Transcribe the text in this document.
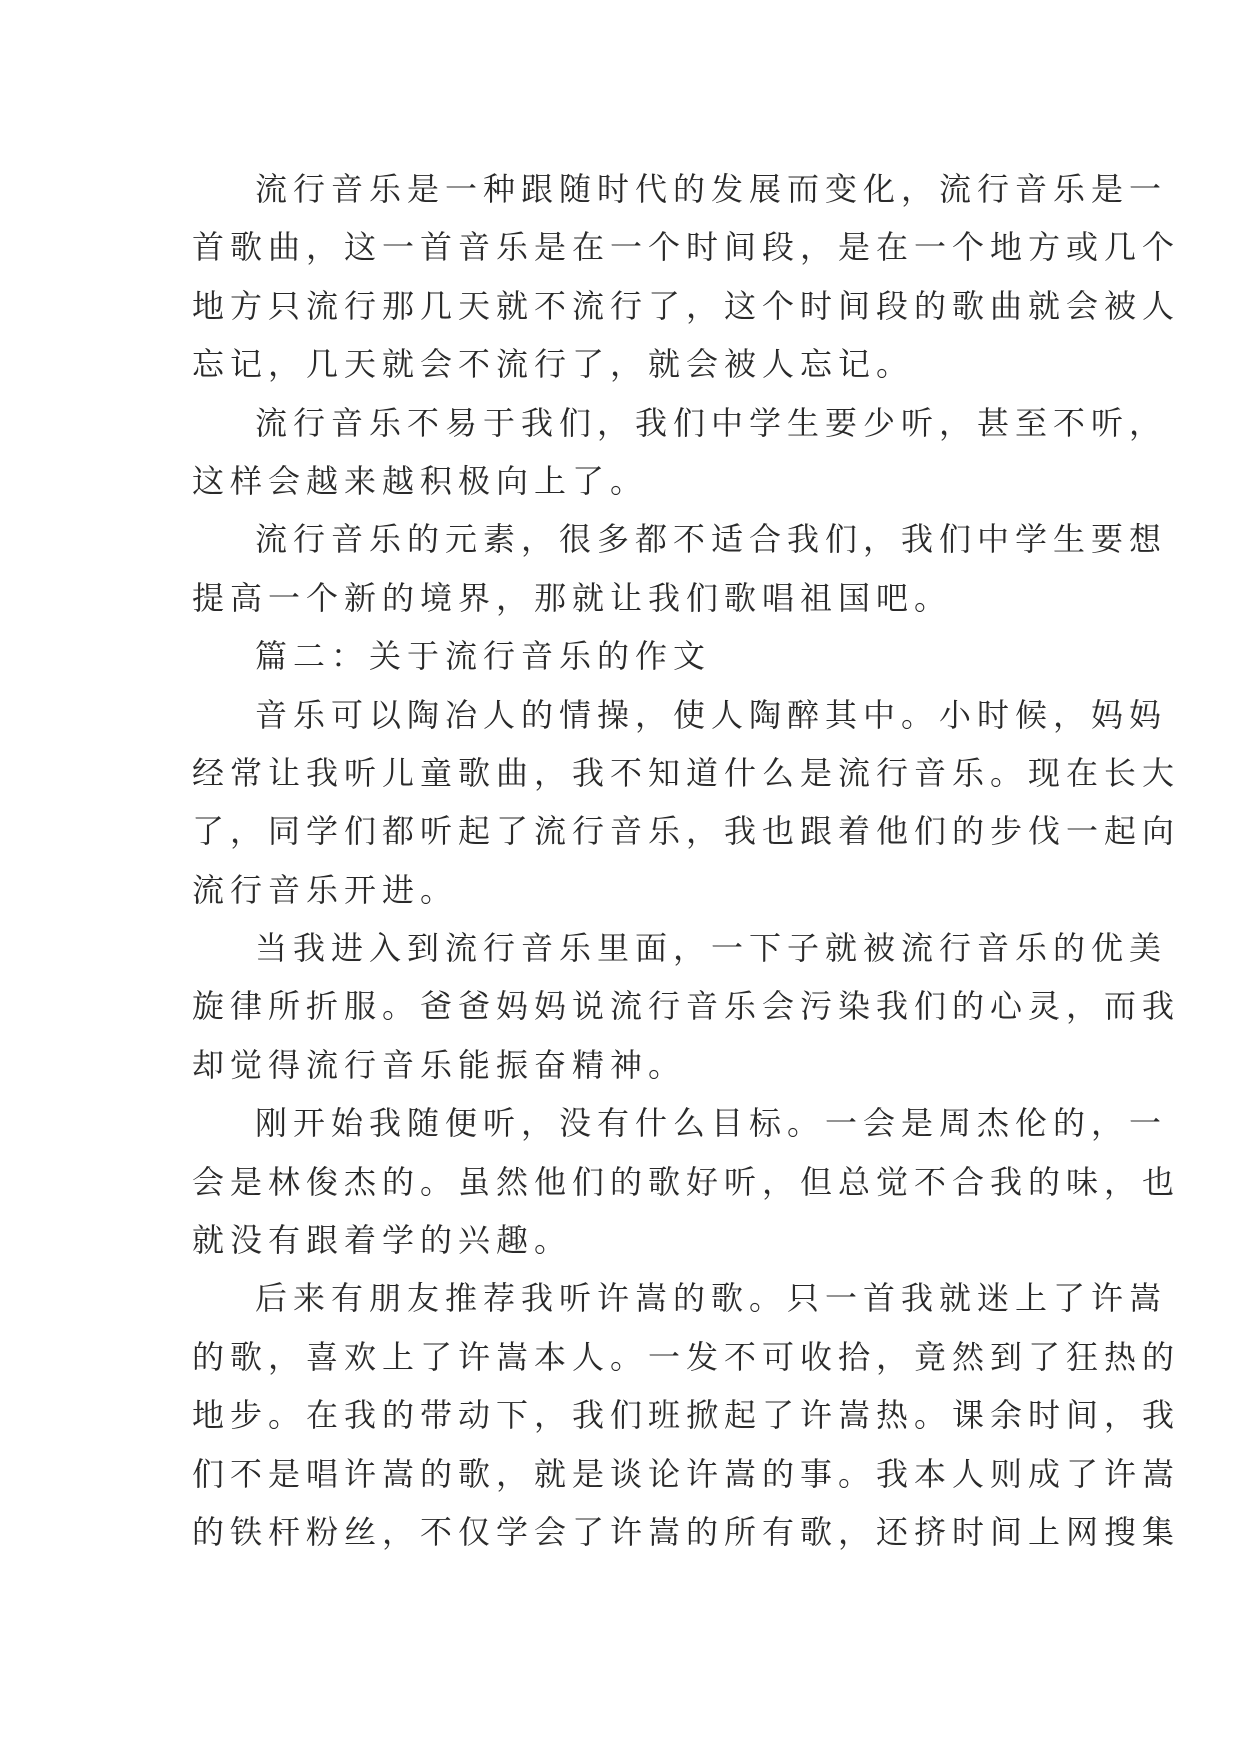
流行音乐是一种跟随时代的发展而变化，流行音乐是一
首歌曲，这一首音乐是在一个时间段，是在一个地方或几个
地方只流行那几天就不流行了，这个时间段的歌曲就会被人
忘记，几天就会不流行了，就会被人忘记。
流行音乐不易于我们，我们中学生要少听，甚至不听，
这样会越来越积极向上了。
流行音乐的元素，很多都不适合我们，我们中学生要想
提高一个新的境界，那就让我们歌唱祖国吧。
篇二：关于流行音乐的作文
音乐可以陶冶人的情操，使人陶醉其中。小时候，妈妈
经常让我听儿童歌曲，我不知道什么是流行音乐。现在长大
了，同学们都听起了流行音乐，我也跟着他们的步伐一起向
流行音乐开进。
当我进入到流行音乐里面，一下子就被流行音乐的优美
旋律所折服。爸爸妈妈说流行音乐会污染我们的心灵，而我
却觉得流行音乐能振奋精神。
刚开始我随便听，没有什么目标。一会是周杰伦的，一
会是林俊杰的。虽然他们的歌好听，但总觉不合我的味，也
就没有跟着学的兴趣。
后来有朋友推荐我听许嵩的歌。只一首我就迷上了许嵩
的歌，喜欢上了许嵩本人。一发不可收拾，竟然到了狂热的
地步。在我的带动下，我们班掀起了许嵩热。课余时间，我
们不是唱许嵩的歌，就是谈论许嵩的事。我本人则成了许嵩
的铁杆粉丝，不仅学会了许嵩的所有歌，还挤时间上网搜集
